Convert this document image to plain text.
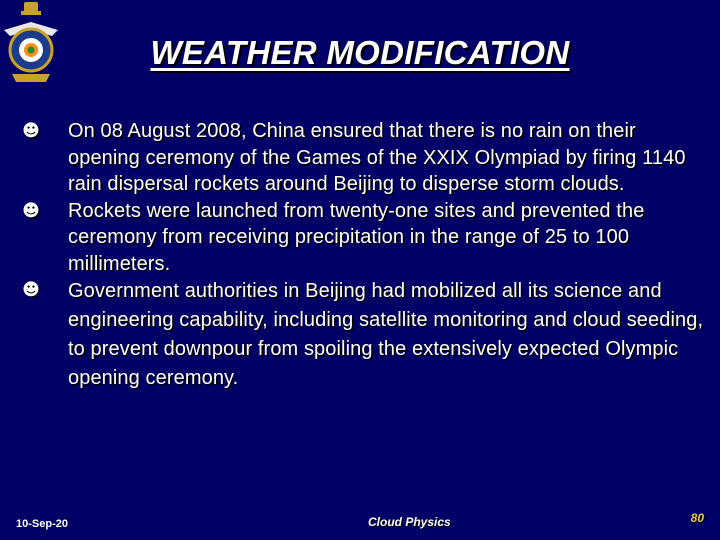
WEATHER MODIFICATION
☻ On 08 August 2008, China ensured that there is no rain on their opening ceremony of the Games of the XXIX Olympiad by firing 1140 rain dispersal rockets around Beijing to disperse storm clouds.
☻ Rockets were launched from twenty-one sites and prevented the ceremony from receiving precipitation in the range of 25 to 100 millimeters.
☻ Government authorities in Beijing had mobilized all its science and engineering capability, including satellite monitoring and cloud seeding, to prevent downpour from spoiling the extensively expected Olympic opening ceremony.
10-Sep-20	Cloud Physics	80
